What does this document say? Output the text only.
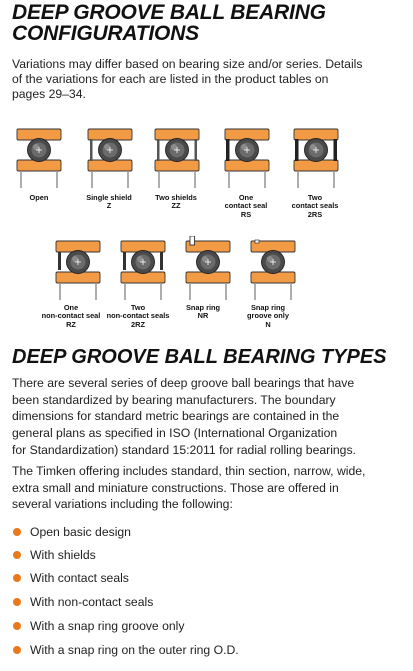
DEEP GROOVE BALL BEARING
CONFIGURATIONS
Variations may differ based on bearing size and/or series. Details
of the variations for each are listed in the product tables on
pages 29–34.
Open	Single shield
Z
Two shields
ZZ
One
contact seal
RS
Two
contact seals
2RS
One
non-contact seal
RZ
Two
non-contact seals
2RZ
Snap ring
NR
Snap ring
groove only
N
DEEP GROOVE BALL BEARING TYPES
There are several series of deep groove ball bearings that have
been standardized by bearing manufacturers. The boundary
dimensions for standard metric bearings are contained in the
general plans as specified in ISO (International Organization
for Standardization) standard 15:2011 for radial rolling bearings.
The Timken offering includes standard, thin section, narrow, wide,
extra small and miniature constructions. Those are offered in
several variations including the following:
Open basic design
With shields
With contact seals
With non-contact seals
With a snap ring groove only
With a snap ring on the outer ring O.D.
